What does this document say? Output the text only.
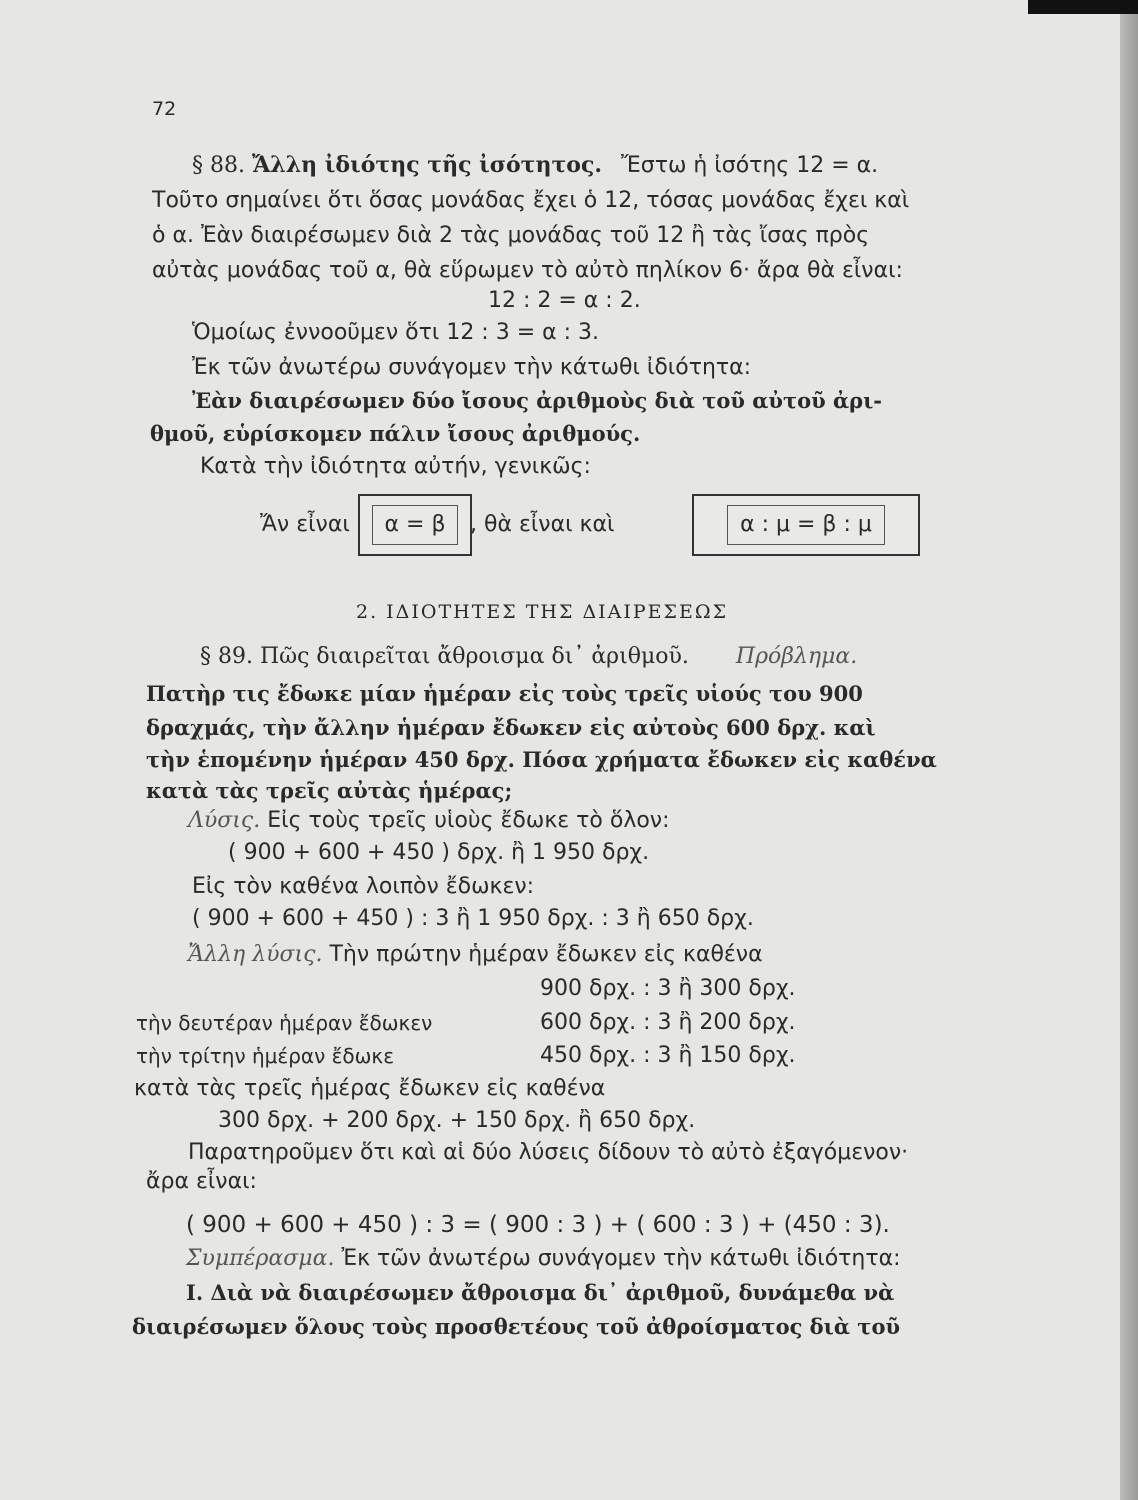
72
§ 88. Ἄλλη ἰδιότης τῆς ἰσότητος. Ἔστω ἡ ἰσότης 12 = α.
Τοῦτο σημαίνει ὅτι ὅσας μονάδας ἔχει ὁ 12, τόσας μονάδας ἔχει καὶ
ὁ α. Ἐὰν διαιρέσωμεν διὰ 2 τὰς μονάδας τοῦ 12 ἢ τὰς ἴσας πρὸς
αὐτὰς μονάδας τοῦ α, θὰ εὕρωμεν τὸ αὐτὸ πηλίκον 6· ἄρα θὰ εἶναι:
12 : 2 = α : 2.
Ὁμοίως ἐννοοῦμεν ὅτι 12 : 3 = α : 3.
Ἐκ τῶν ἀνωτέρω συνάγομεν τὴν κάτωθι ἰδιότητα:
Ἐὰν διαιρέσωμεν δύο ἴσους ἀριθμοὺς διὰ τοῦ αὐτοῦ ἀρι-
θμοῦ, εὑρίσκομεν πάλιν ἴσους ἀριθμούς.
Κατὰ τὴν ἰδιότητα αὐτήν, γενικῶς:
Ἄν εἶναι	α = β	, θὰ εἶναι καὶ	α : μ = β : μ
2. ΙΔΙΟΤΗΤΕΣ ΤΗΣ ΔΙΑΙΡΕΣΕΩΣ
§ 89. Πῶς διαιρεῖται ἄθροισμα δι᾽ ἀριθμοῦ. Πρόβλημα.
Πατὴρ τις ἔδωκε μίαν ἡμέραν εἰς τοὺς τρεῖς υἱούς του 900
δραχμάς, τὴν ἄλλην ἡμέραν ἔδωκεν εἰς αὐτοὺς 600 δρχ. καὶ
τὴν ἑπομένην ἡμέραν 450 δρχ. Πόσα χρήματα ἔδωκεν εἰς καθένα
κατὰ τὰς τρεῖς αὐτὰς ἡμέρας;
Λύσις. Εἰς τοὺς τρεῖς υἱοὺς ἔδωκε τὸ ὅλον:
( 900 + 600 + 450 ) δρχ. ἢ 1 950 δρχ.
Εἰς τὸν καθένα λοιπὸν ἔδωκεν:
( 900 + 600 + 450 ) : 3 ἢ 1 950 δρχ. : 3 ἢ 650 δρχ.
Ἄλλη λύσις. Τὴν πρώτην ἡμέραν ἔδωκεν εἰς καθένα
900 δρχ. : 3 ἢ 300 δρχ.
τὴν δευτέραν ἡμέραν ἔδωκεν	600 δρχ. : 3 ἢ 200 δρχ.
τὴν τρίτην ἡμέραν ἔδωκε	450 δρχ. : 3 ἢ 150 δρχ.
κατὰ τὰς τρεῖς ἡμέρας ἔδωκεν εἰς καθένα
300 δρχ. + 200 δρχ. + 150 δρχ. ἢ 650 δρχ.
Παρατηροῦμεν ὅτι καὶ αἱ δύο λύσεις δίδουν τὸ αὐτὸ ἐξαγόμενον·
ἄρα εἶναι:
( 900 + 600 + 450 ) : 3 = ( 900 : 3 ) + ( 600 : 3 ) + (450 : 3).
Συμπέρασμα. Ἐκ τῶν ἀνωτέρω συνάγομεν τὴν κάτωθι ἰδιότητα:
Ι. Διὰ νὰ διαιρέσωμεν ἄθροισμα δι᾽ ἀριθμοῦ, δυνάμεθα νὰ
διαιρέσωμεν ὅλους τοὺς προσθετέους τοῦ ἀθροίσματος διὰ τοῦ
